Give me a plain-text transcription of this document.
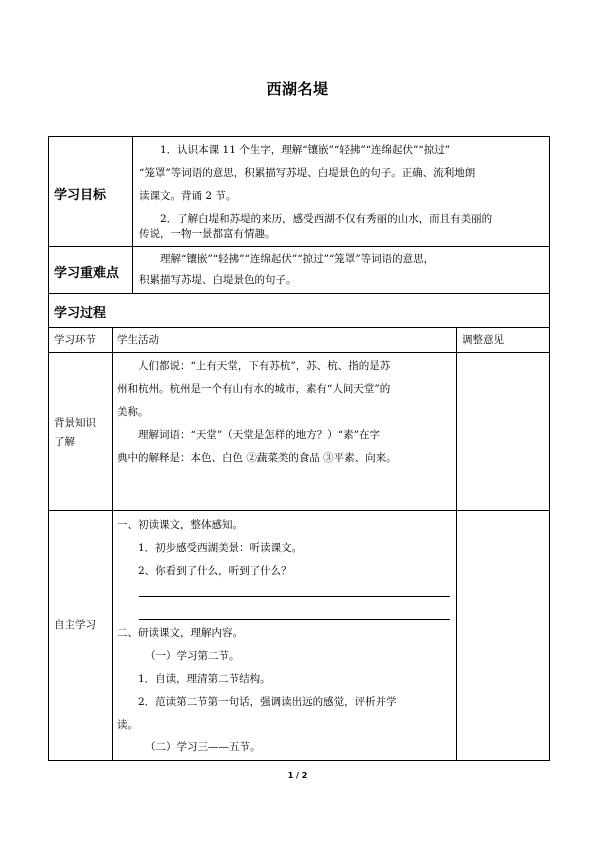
西湖名堤
学习目标
1．认识本课 11 个生字，理解“镶嵌”“轻拂”“连绵起伏”“掠过”
“笼罩”等词语的意思，积累描写苏堤、白堤景色的句子。正确、流利地朗
读课文。背诵 2 节。
2．了解白堤和苏堤的来历，感受西湖不仅有秀丽的山水，而且有美丽的
传说，一物一景都富有情趣。
学习重难点
理解“镶嵌”“轻拂”“连绵起伏”“掠过”“笼罩”等词语的意思，
积累描写苏堤、白堤景色的句子。
学习过程
学习环节 学生活动	调整意见
背景知识
了解
人们都说：“上有天堂，下有苏杭”，苏、杭、指的是苏
州和杭州。杭州是一个有山有水的城市，素有“人间天堂”的
美称。
理解词语：“天堂”（天堂是怎样的地方？）“素”在字
典中的解释是：本色、白色 ②蔬菜类的食品 ③平素、向来。
自主学习
一、初读课文，整体感知。
1．初步感受西湖美景：听读课文。
2、你看到了什么，听到了什么？
二、研读课文，理解内容。
（一）学习第二节。
1．自读，理清第二节结构。
2．范读第二节第一句话，强调读出远的感觉，评析并学
读。
（二）学习三——五节。
1 / 2
